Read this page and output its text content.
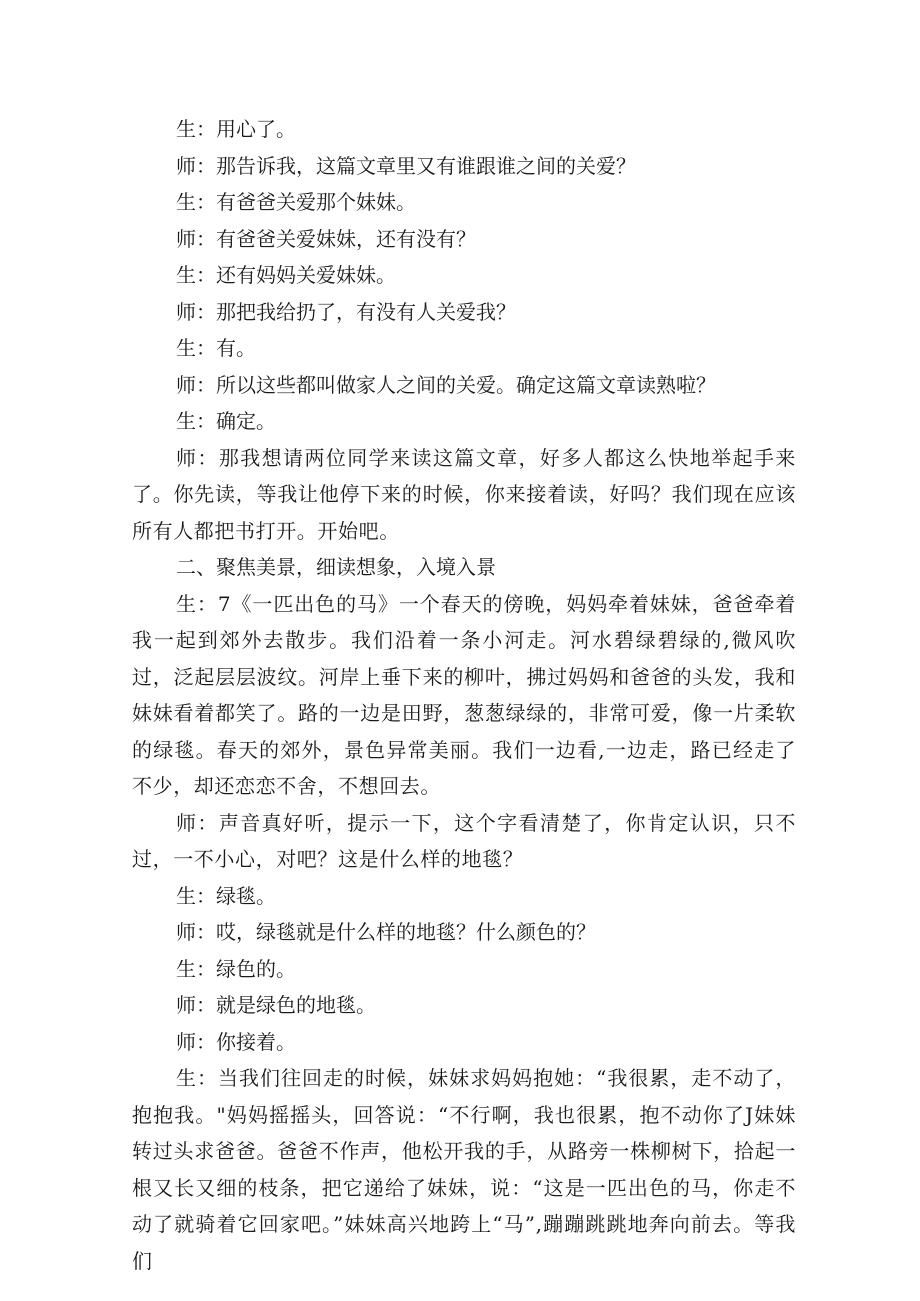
生：用心了。

师：那告诉我，这篇文章里又有谁跟谁之间的关爱？

生：有爸爸关爱那个妹妹。

师：有爸爸关爱妹妹，还有没有？

生：还有妈妈关爱妹妹。

师：那把我给扔了，有没有人关爱我？

生：有。

师：所以这些都叫做家人之间的关爱。确定这篇文章读熟啦？

生：确定。

师：那我想请两位同学来读这篇文章，好多人都这么快地举起手来了。你先读，等我让他停下来的时候，你来接着读，好吗？我们现在应该所有人都把书打开。开始吧。

二、聚焦美景，细读想象，入境入景

生：7《一匹出色的马》一个春天的傍晚，妈妈牵着妹妹，爸爸牵着我一起到郊外去散步。我们沿着一条小河走。河水碧绿碧绿的,微风吹过，泛起层层波纹。河岸上垂下来的柳叶，拂过妈妈和爸爸的头发，我和妹妹看着都笑了。路的一边是田野，葱葱绿绿的，非常可爱，像一片柔软的绿毯。春天的郊外，景色异常美丽。我们一边看,一边走，路已经走了不少，却还恋恋不舍，不想回去。

师：声音真好听，提示一下，这个字看清楚了，你肯定认识，只不过，一不小心，对吧？这是什么样的地毯？

生：绿毯。

师：哎，绿毯就是什么样的地毯？什么颜色的？

生：绿色的。

师：就是绿色的地毯。

师：你接着。

生：当我们往回走的时候，妹妹求妈妈抱她：“我很累，走不动了，抱抱我。"妈妈摇摇头，回答说：“不行啊，我也很累，抱不动你了J妹妹转过头求爸爸。爸爸不作声，他松开我的手，从路旁一株柳树下，拾起一根又长又细的枝条，把它递给了妹妹，说：“这是一匹出色的马，你走不动了就骑着它回家吧。”妹妹高兴地跨上“马”,蹦蹦跳跳地奔向前去。等我们
